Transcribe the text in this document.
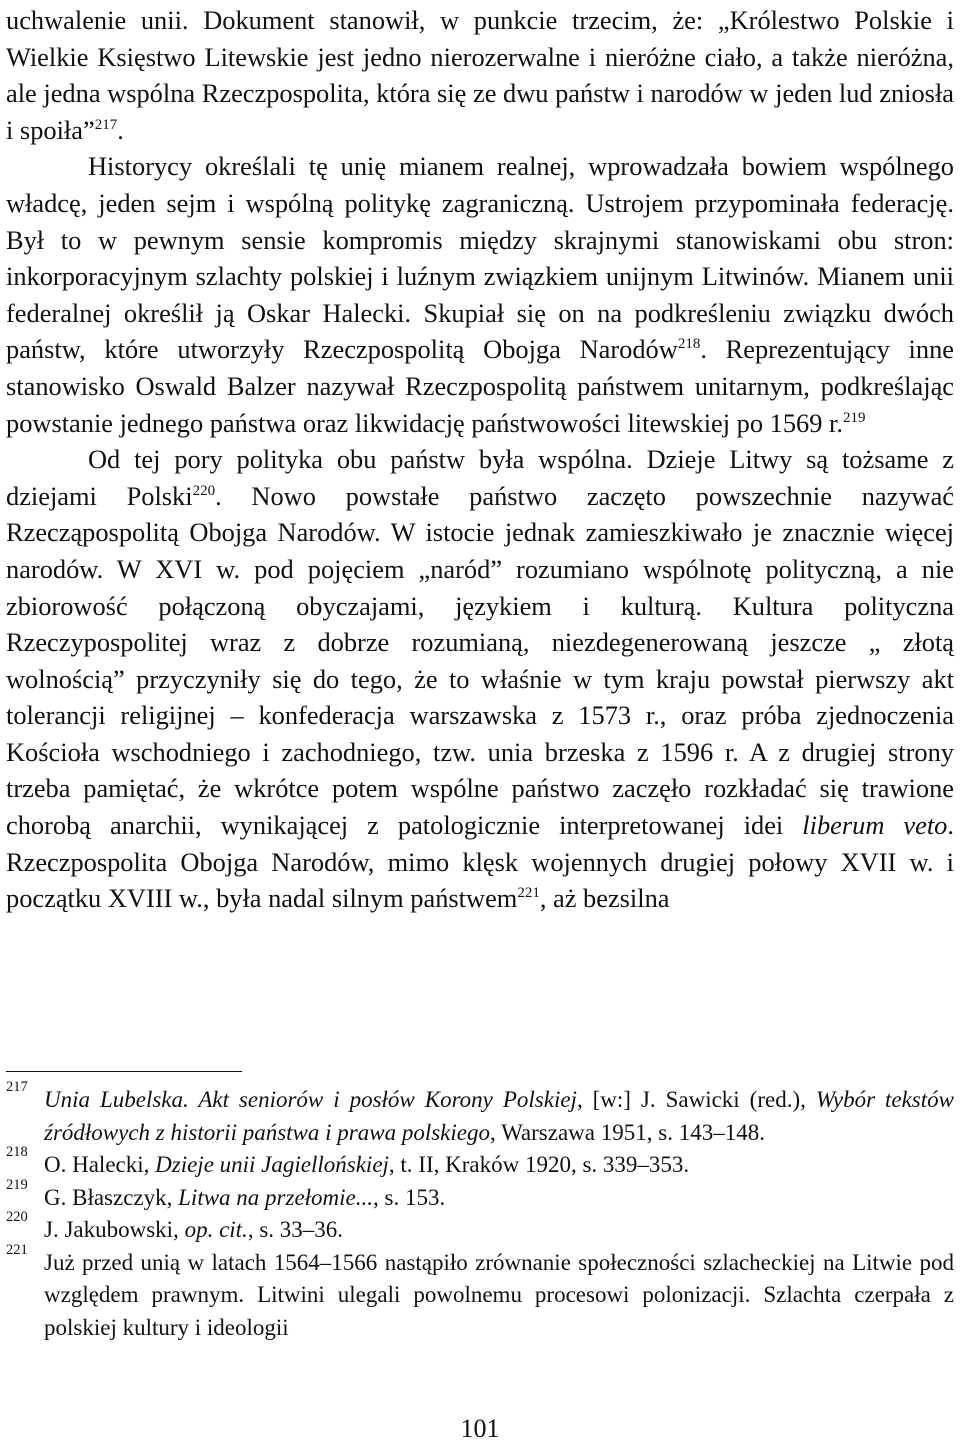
uchwalenie unii. Dokument stanowił, w punkcie trzecim, że: „Królestwo Polskie i Wielkie Księstwo Litewskie jest jedno nierozerwalne i nieróżne ciało, a także nieróżna, ale jedna wspólna Rzeczpospolita, która się ze dwu państw i narodów w jeden lud zniosła i spoiła”$^{217}$.

Historycy określali tę unię mianem realnej, wprowadzała bowiem wspólnego władcę, jeden sejm i wspólną politykę zagraniczną. Ustrojem przypominała federację. Był to w pewnym sensie kompromis między skrajnymi stanowiskami obu stron: inkorporacyjnym szlachty polskiej i luźnym związkiem unijnym Litwinów. Mianem unii federalnej określił ją Oskar Halecki. Skupiał się on na podkreśleniu związku dwóch państw, które utworzyły Rzeczpospolitą Obojga Narodów$^{218}$. Reprezentujący inne stanowisko Oswald Balzer nazywał Rzeczpospolitą państwem unitarnym, podkreślając powstanie jednego państwa oraz likwidację państwowości litewskiej po 1569 r.$^{219}$

Od tej pory polityka obu państw była wspólna. Dzieje Litwy są tożsame z dziejami Polski$^{220}$. Nowo powstałe państwo zaczęto powszechnie nazywać Rzecząpospolitą Obojga Narodów. W istocie jednak zamieszkiwało je znacznie więcej narodów. W XVI w. pod pojęciem „naród” rozumiano wspólnotę polityczną, a nie zbiorowość połączoną obyczajami, językiem i kulturą. Kultura polityczna Rzeczypospolitej wraz z dobrze rozumianą, niezdegenerowaną jeszcze „ złotą wolnością” przyczyniły się do tego, że to właśnie w tym kraju powstał pierwszy akt tolerancji religijnej – konfederacja warszawska z 1573 r., oraz próba zjednoczenia Kościoła wschodniego i zachodniego, tzw. unia brzeska z 1596 r. A z drugiej strony trzeba pamiętać, że wkrótce potem wspólne państwo zaczęło rozkładać się trawione chorobą anarchii, wynikającej z patologicznie interpretowanej idei liberum veto. Rzeczpospolita Obojga Narodów, mimo klęsk wojennych drugiej połowy XVII w. i początku XVIII w., była nadal silnym państwem$^{221}$, aż bezsilna

217 Unia Lubelska. Akt seniorów i posłów Korony Polskiej, [w:] J. Sawicki (red.), Wybór tekstów źródłowych z historii państwa i prawa polskiego, Warszawa 1951, s. 143–148.
218 O. Halecki, Dzieje unii Jagiellońskiej, t. II, Kraków 1920, s. 339–353.
219 G. Błaszczyk, Litwa na przełomie..., s. 153.
220 J. Jakubowski, op. cit., s. 33–36.
221 Już przed unią w latach 1564–1566 nastąpiło zrównanie społeczności szlacheckiej na Litwie pod względem prawnym. Litwini ulegali powolnemu procesowi polonizacji. Szlachta czerpała z polskiej kultury i ideologii
101
